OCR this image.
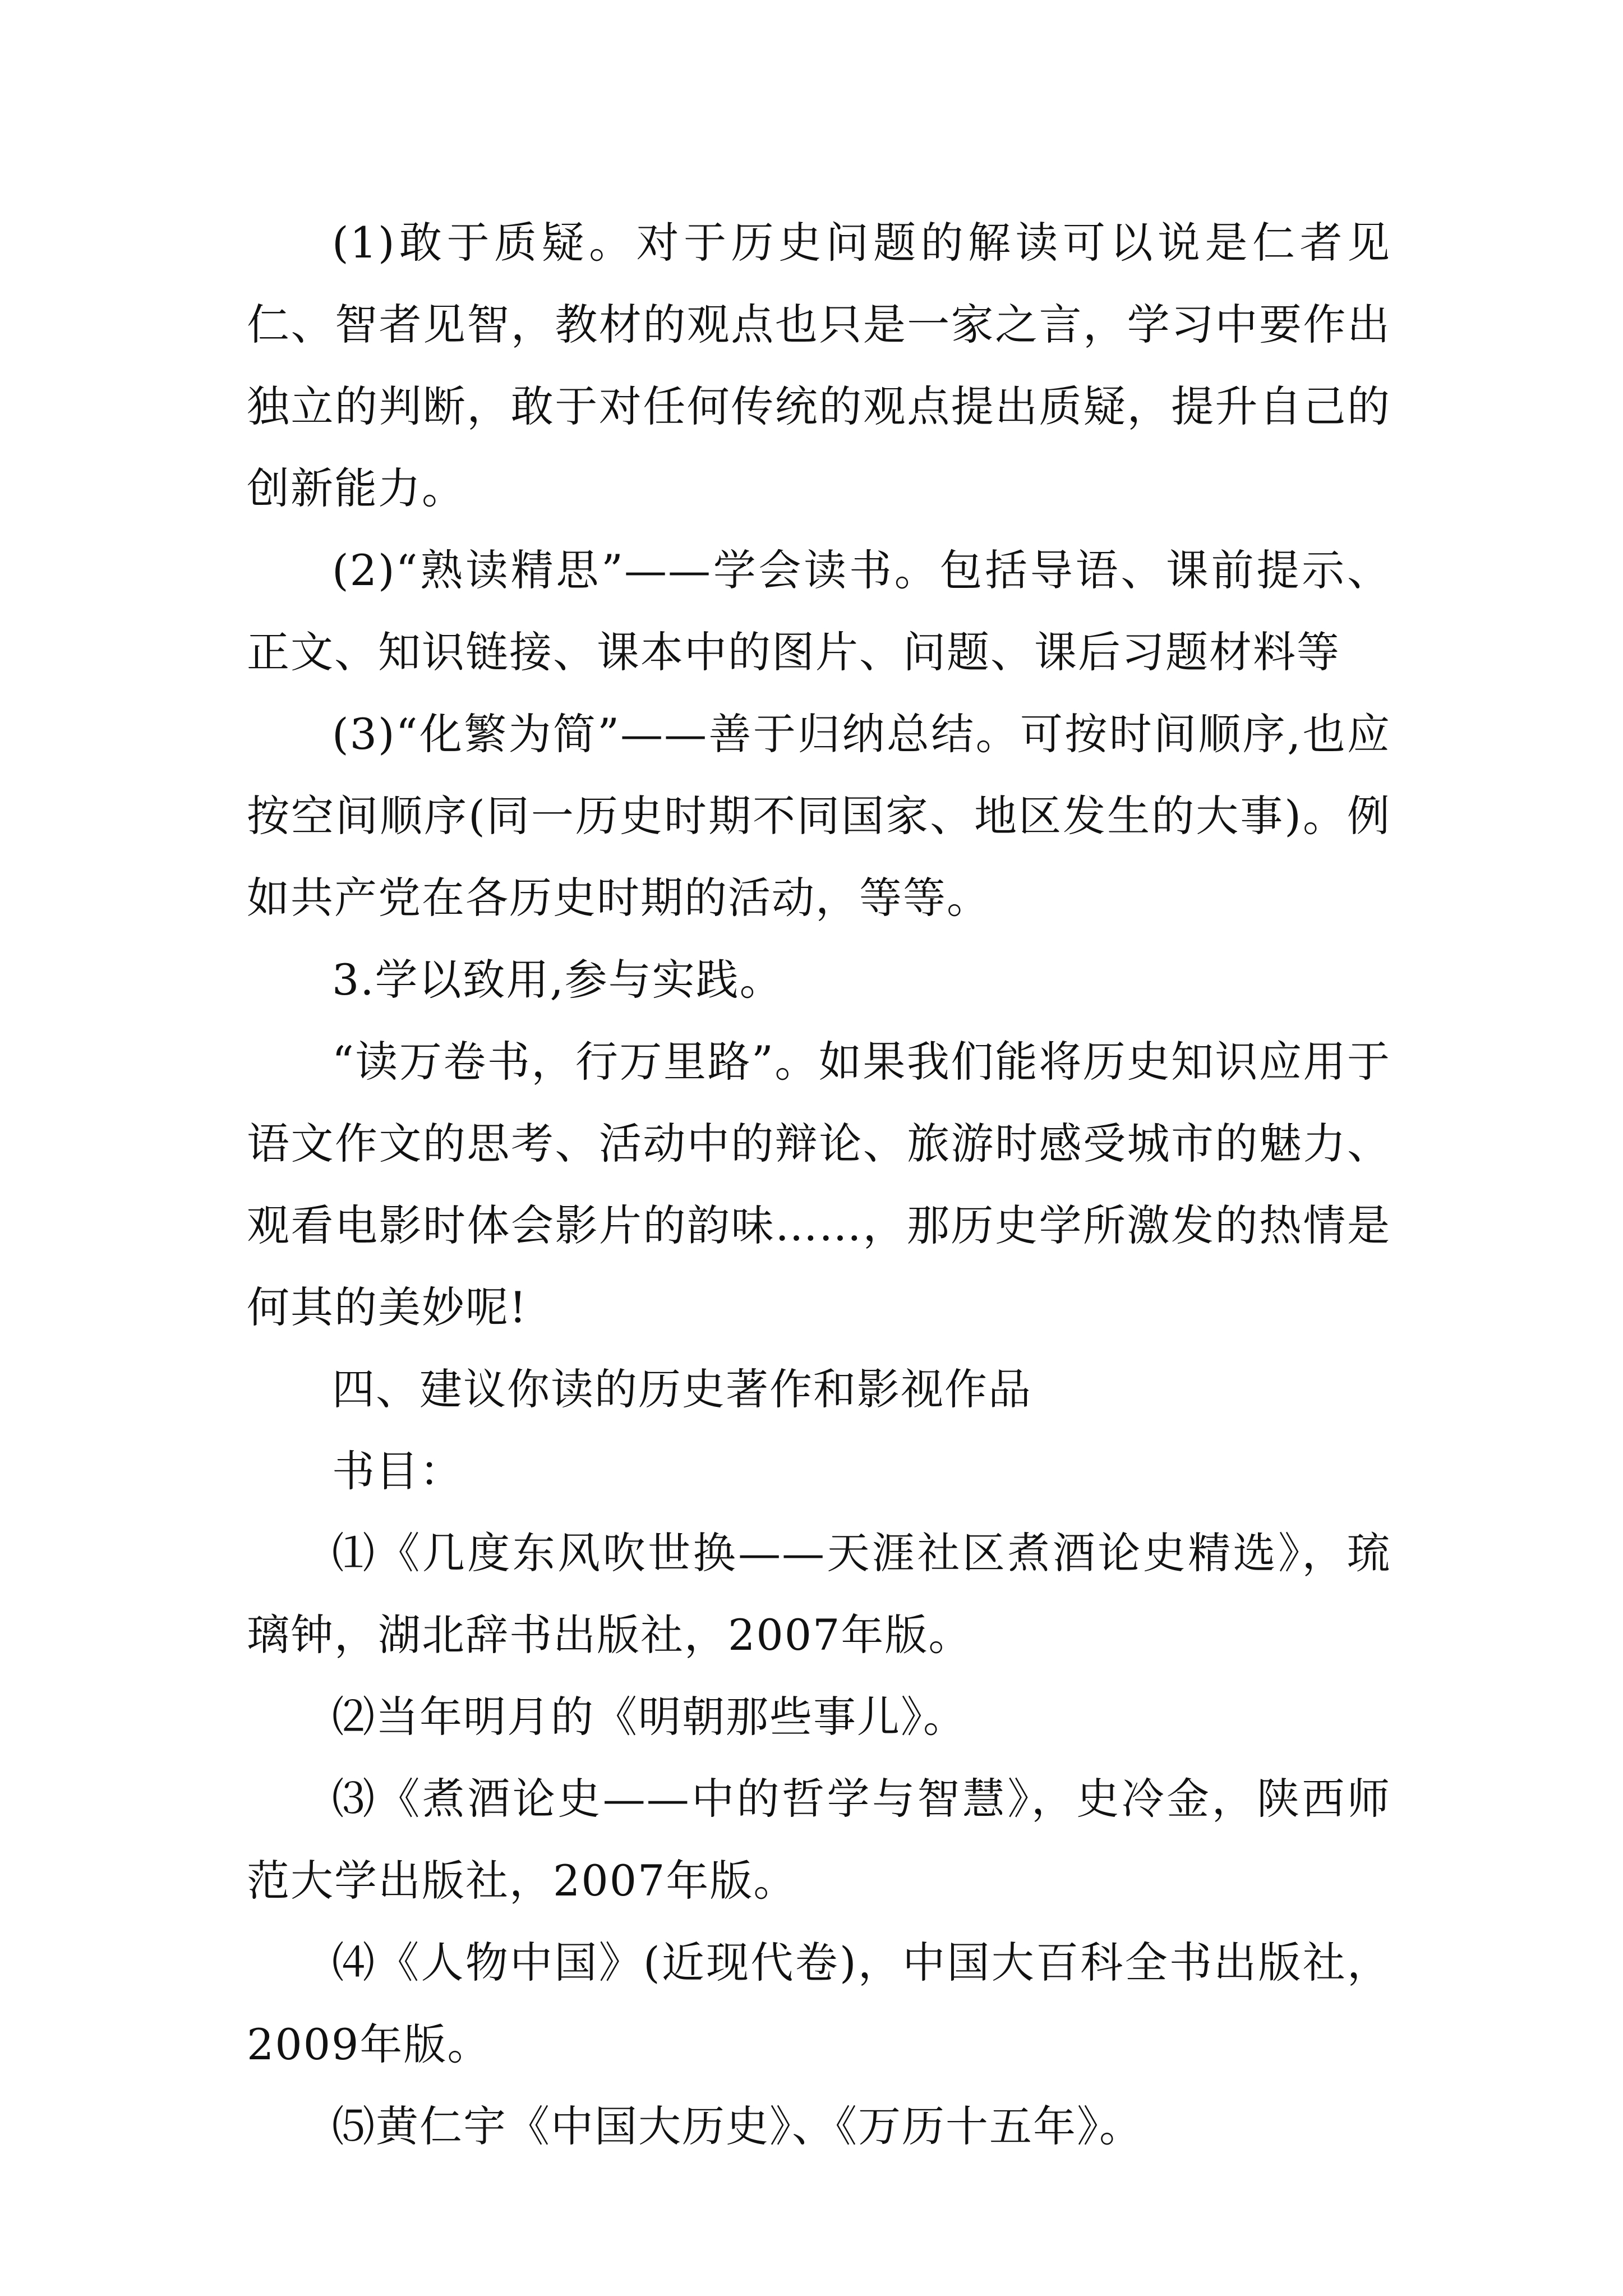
(1)敢于质疑。对于历史问题的解读可以说是仁者见仁、智者见智，教材的观点也只是一家之言，学习中要作出独立的判断，敢于对任何传统的观点提出质疑，提升自己的创新能力。

(2)“熟读精思”——学会读书。包括导语、课前提示、正文、知识链接、课本中的图片、问题、课后习题材料等

(3)“化繁为简”——善于归纳总结。可按时间顺序,也应按空间顺序(同一历史时期不同国家、地区发生的大事)。例如共产党在各历史时期的活动，等等。

3.学以致用,参与实践。

“读万卷书，行万里路”。如果我们能将历史知识应用于语文作文的思考、活动中的辩论、旅游时感受城市的魅力、观看电影时体会影片的韵味……，那历史学所激发的热情是何其的美妙呢!

四、建议你读的历史著作和影视作品

书目：

⑴《几度东风吹世换——天涯社区煮酒论史精选》，琉璃钟，湖北辞书出版社，2007年版。

⑵当年明月的《明朝那些事儿》。

⑶《煮酒论史——中的哲学与智慧》，史冷金，陕西师范大学出版社，2007年版。

⑷《人物中国》(近现代卷)，中国大百科全书出版社，2009年版。

⑸黄仁宇《中国大历史》、《万历十五年》。
